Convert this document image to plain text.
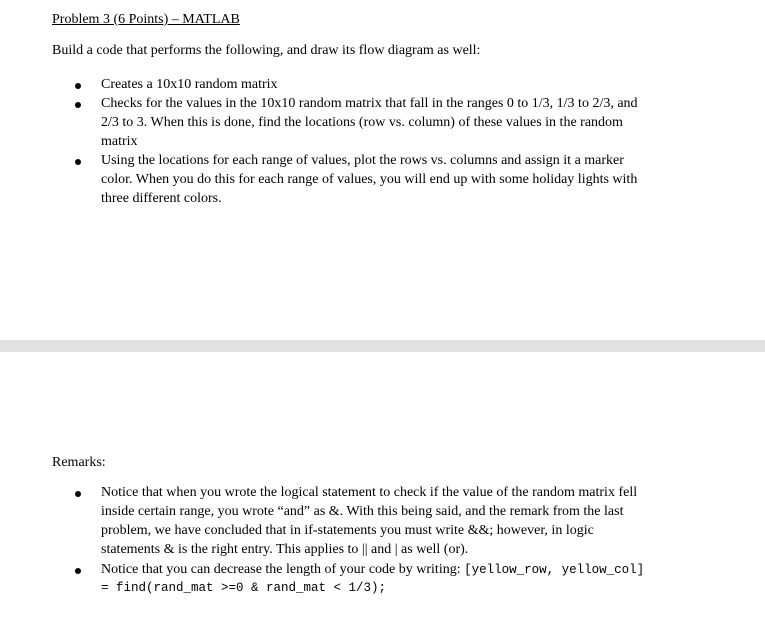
Problem 3 (6 Points) – MATLAB
Build a code that performs the following, and draw its flow diagram as well:
Creates a 10x10 random matrix
Checks for the values in the 10x10 random matrix that fall in the ranges 0 to 1/3, 1/3 to 2/3, and
2/3 to 3. When this is done, find the locations (row vs. column) of these values in the random
matrix
Using the locations for each range of values, plot the rows vs. columns and assign it a marker
color. When you do this for each range of values, you will end up with some holiday lights with
three different colors.
Remarks:
Notice that when you wrote the logical statement to check if the value of the random matrix fell
inside certain range, you wrote “and” as &. With this being said, and the remark from the last
problem, we have concluded that in if-statements you must write &&; however, in logic
statements & is the right entry. This applies to || and | as well (or).
Notice that you can decrease the length of your code by writing: [yellow_row, yellow_col]
= find(rand_mat >=0 & rand_mat < 1/3);
